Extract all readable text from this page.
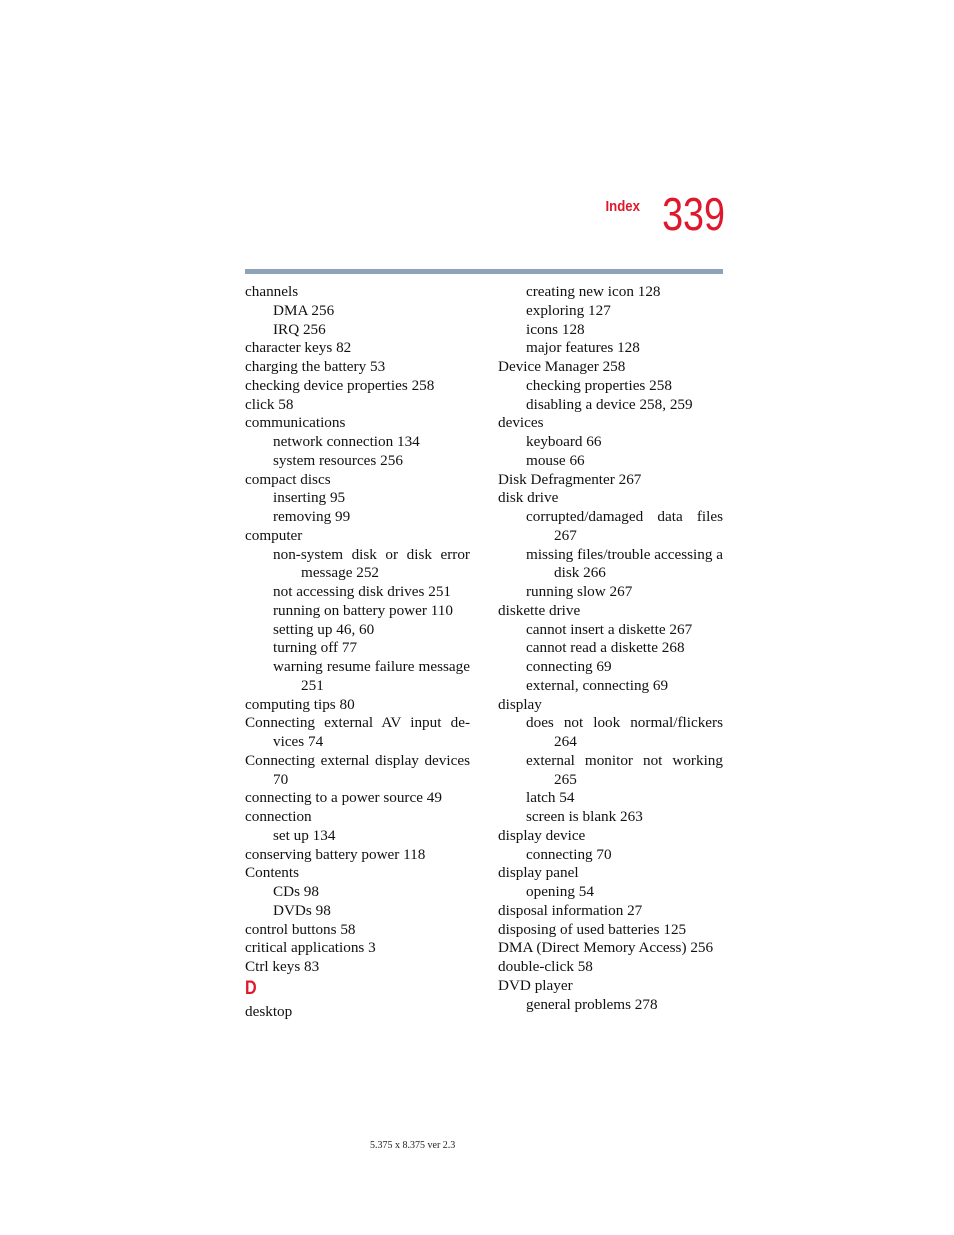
Index 339
channels
DMA 256
IRQ 256
character keys 82
charging the battery 53
checking device properties 258
click 58
communications
network connection 134
system resources 256
compact discs
inserting 95
removing 99
computer
non-system disk or disk error message 252
not accessing disk drives 251
running on battery power 110
setting up 46, 60
turning off 77
warning resume failure message 251
computing tips 80
Connecting external AV input de-vices 74
Connecting external display devices 70
connecting to a power source 49
connection
set up 134
conserving battery power 118
Contents
CDs 98
DVDs 98
control buttons 58
critical applications 3
Ctrl keys 83
D
desktop
creating new icon 128
exploring 127
icons 128
major features 128
Device Manager 258
checking properties 258
disabling a device 258, 259
devices
keyboard 66
mouse 66
Disk Defragmenter 267
disk drive
corrupted/damaged data files 267
missing files/trouble accessing a disk 266
running slow 267
diskette drive
cannot insert a diskette 267
cannot read a diskette 268
connecting 69
external, connecting 69
display
does not look normal/flickers 264
external monitor not working 265
latch 54
screen is blank 263
display device
connecting 70
display panel
opening 54
disposal information 27
disposing of used batteries 125
DMA (Direct Memory Access) 256
double-click 58
DVD player
general problems 278
5.375 x 8.375 ver 2.3
